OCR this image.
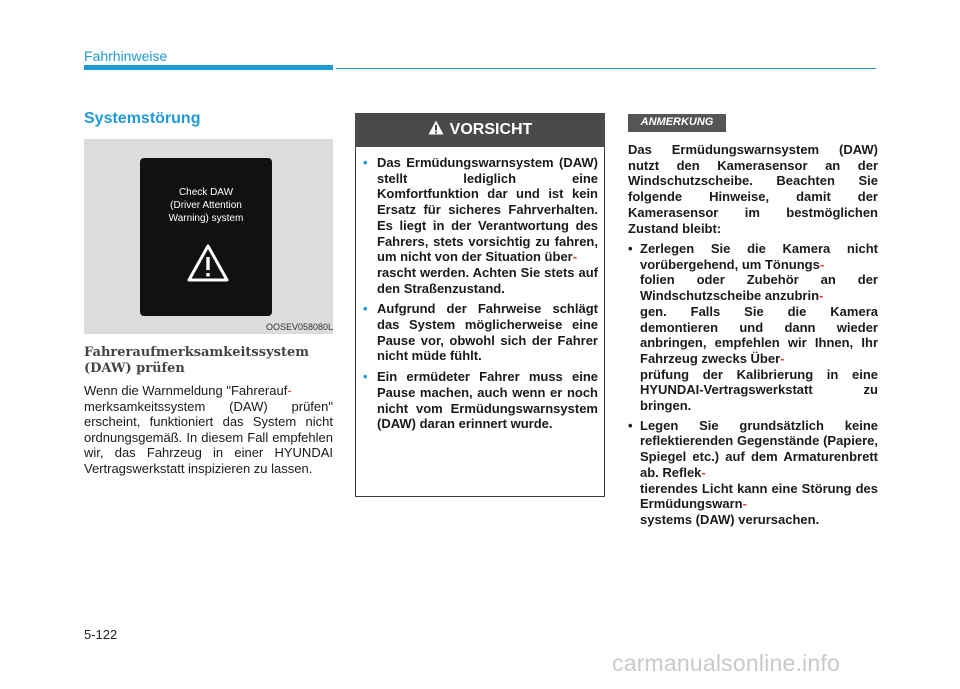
Fahrhinweise
Systemstörung
Check DAW
(Driver Attention
Warning) system
OOSEV058080L
Fahreraufmerksamkeitssystem (DAW) prüfen
Wenn die Warnmeldung "Fahrerauf-
merksamkeitssystem (DAW) prüfen" erscheint, funktioniert das System nicht ordnungsgemäß. In diesem Fall empfehlen wir, das Fahrzeug in einer HYUNDAI Vertragswerkstatt inspizieren zu lassen.
VORSICHT
• Das Ermüdungswarnsystem (DAW) stellt lediglich eine Komfortfunktion dar und ist kein Ersatz für sicheres Fahrverhalten. Es liegt in der Verantwortung des Fahrers, stets vorsichtig zu fahren, um nicht von der Situation über-
rascht werden. Achten Sie stets auf den Straßenzustand.
• Aufgrund der Fahrweise schlägt das System möglicherweise eine Pause vor, obwohl sich der Fahrer nicht müde fühlt.
• Ein ermüdeter Fahrer muss eine Pause machen, auch wenn er noch nicht vom Ermüdungswarnsystem (DAW) daran erinnert wurde.
ANMERKUNG
Das Ermüdungswarnsystem (DAW) nutzt den Kamerasensor an der Windschutzscheibe. Beachten Sie folgende Hinweise, damit der Kamerasensor im bestmöglichen Zustand bleibt:
• Zerlegen Sie die Kamera nicht vorübergehend, um Tönungs-
folien oder Zubehör an der Windschutzscheibe anzubrin-
gen. Falls Sie die Kamera demontieren und dann wieder anbringen, empfehlen wir Ihnen, Ihr Fahrzeug zwecks Über-
prüfung der Kalibrierung in eine HYUNDAI-Vertragswerkstatt zu bringen.
• Legen Sie grundsätzlich keine reflektierenden Gegenstände (Papiere, Spiegel etc.) auf dem Armaturenbrett ab. Reflek-
tierendes Licht kann eine Störung des Ermüdungswarn-
systems (DAW) verursachen.
5-122
carmanualsonline.info
